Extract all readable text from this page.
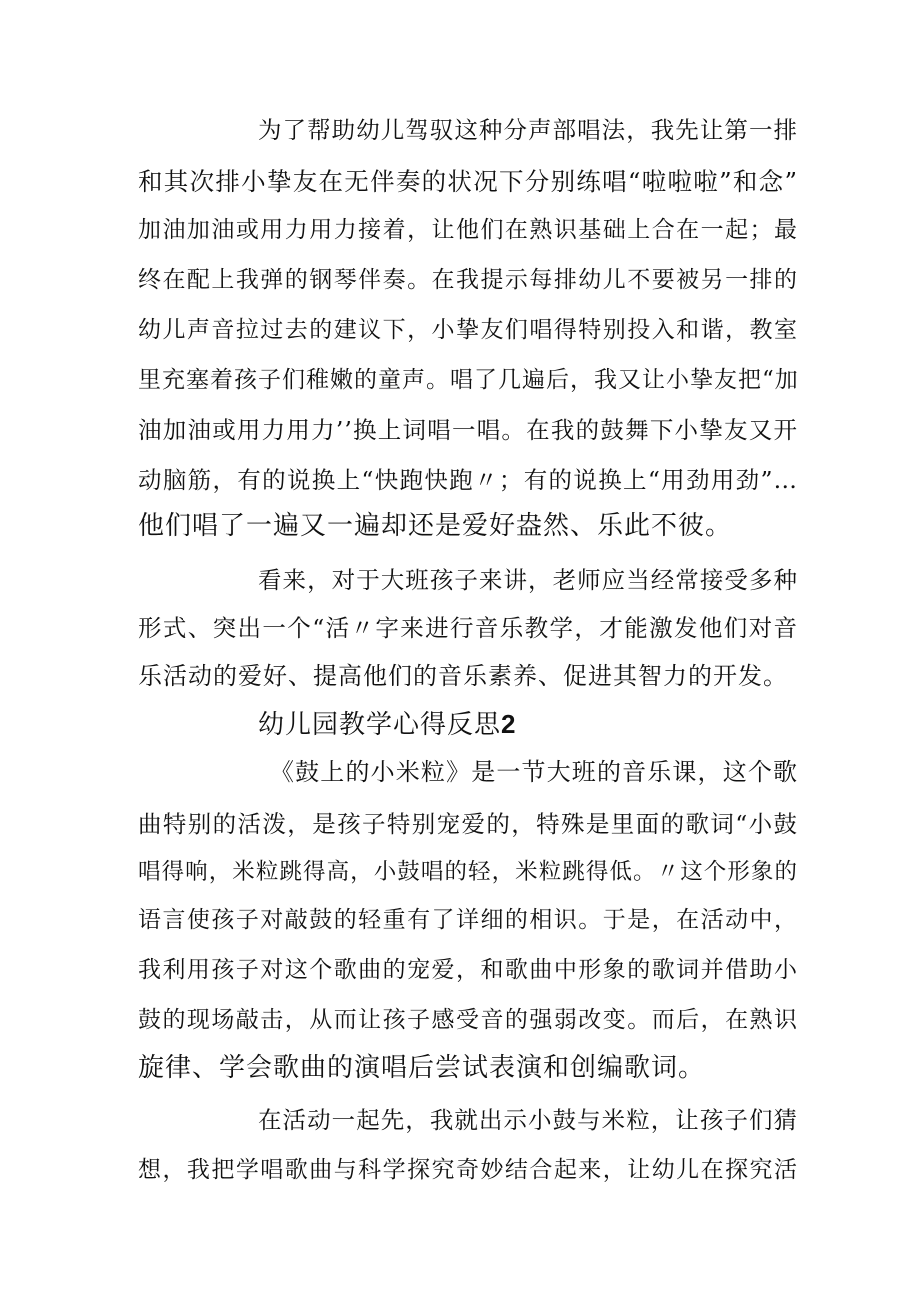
为了帮助幼儿驾驭这种分声部唱法，我先让第一排
和其次排小挚友在无伴奏的状况下分别练唱“啦啦啦”和念”
加油加油或用力用力接着，让他们在熟识基础上合在一起；最
终在配上我弹的钢琴伴奏。在我提示每排幼儿不要被另一排的
幼儿声音拉过去的建议下，小挚友们唱得特别投入和谐，教室
里充塞着孩子们稚嫩的童声。唱了几遍后，我又让小挚友把“加
油加油或用力用力’’换上词唱一唱。在我的鼓舞下小挚友又开
动脑筋，有的说换上“快跑快跑〃；有的说换上“用劲用劲”…
他们唱了一遍又一遍却还是爱好盎然、乐此不彼。
看来，对于大班孩子来讲，老师应当经常接受多种
形式、突出一个“活〃字来进行音乐教学，才能激发他们对音
乐活动的爱好、提高他们的音乐素养、促进其智力的开发。
幼儿园教学心得反思2
《鼓上的小米粒》是一节大班的音乐课，这个歌
曲特别的活泼，是孩子特别宠爱的，特殊是里面的歌词“小鼓
唱得响，米粒跳得高，小鼓唱的轻，米粒跳得低。〃这个形象的
语言使孩子对敲鼓的轻重有了详细的相识。于是，在活动中，
我利用孩子对这个歌曲的宠爱，和歌曲中形象的歌词并借助小
鼓的现场敲击，从而让孩子感受音的强弱改变。而后，在熟识
旋律、学会歌曲的演唱后尝试表演和创编歌词。
在活动一起先，我就出示小鼓与米粒，让孩子们猜
想，我把学唱歌曲与科学探究奇妙结合起来，让幼儿在探究活
